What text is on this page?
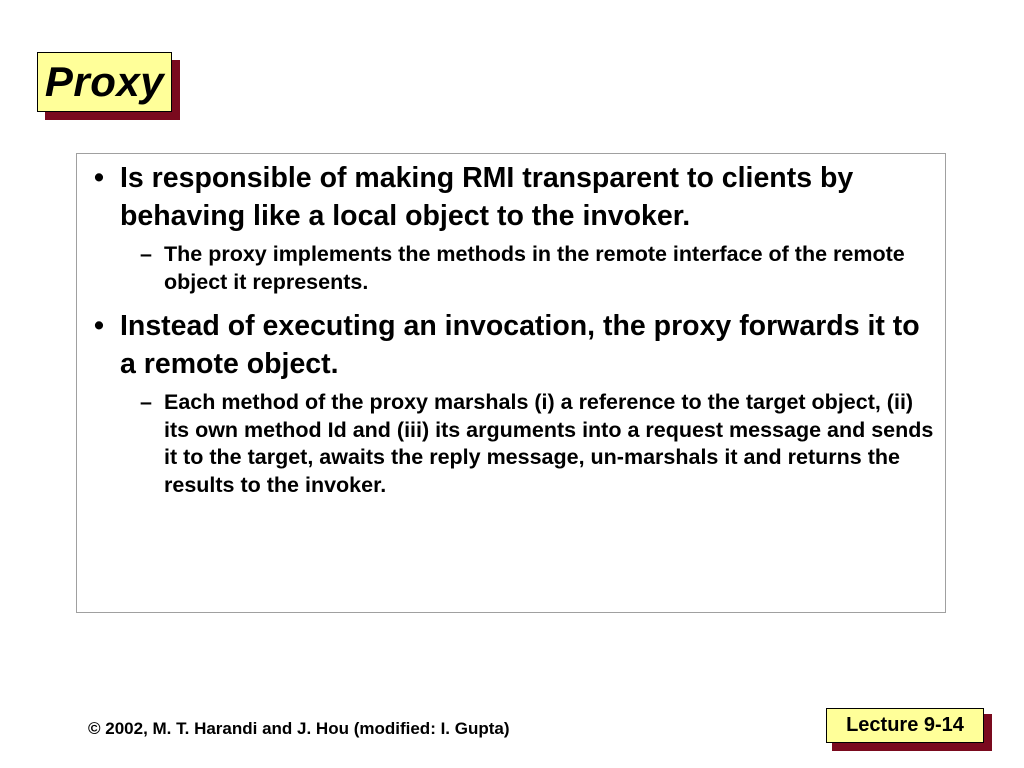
Proxy

• Is responsible of making RMI transparent to clients by behaving like a local object to the invoker.

– The proxy implements the methods in the remote interface of the remote object it represents.

• Instead of executing an invocation, the proxy forwards it to a remote object.

– Each method of the proxy marshals (i) a reference to the target object, (ii) its own method Id and (iii) its arguments into a request message and sends it to the target, awaits the reply message, un-marshals it and returns the results to the invoker.

© 2002, M. T. Harandi and J. Hou (modified: I. Gupta)	Lecture 9-14
